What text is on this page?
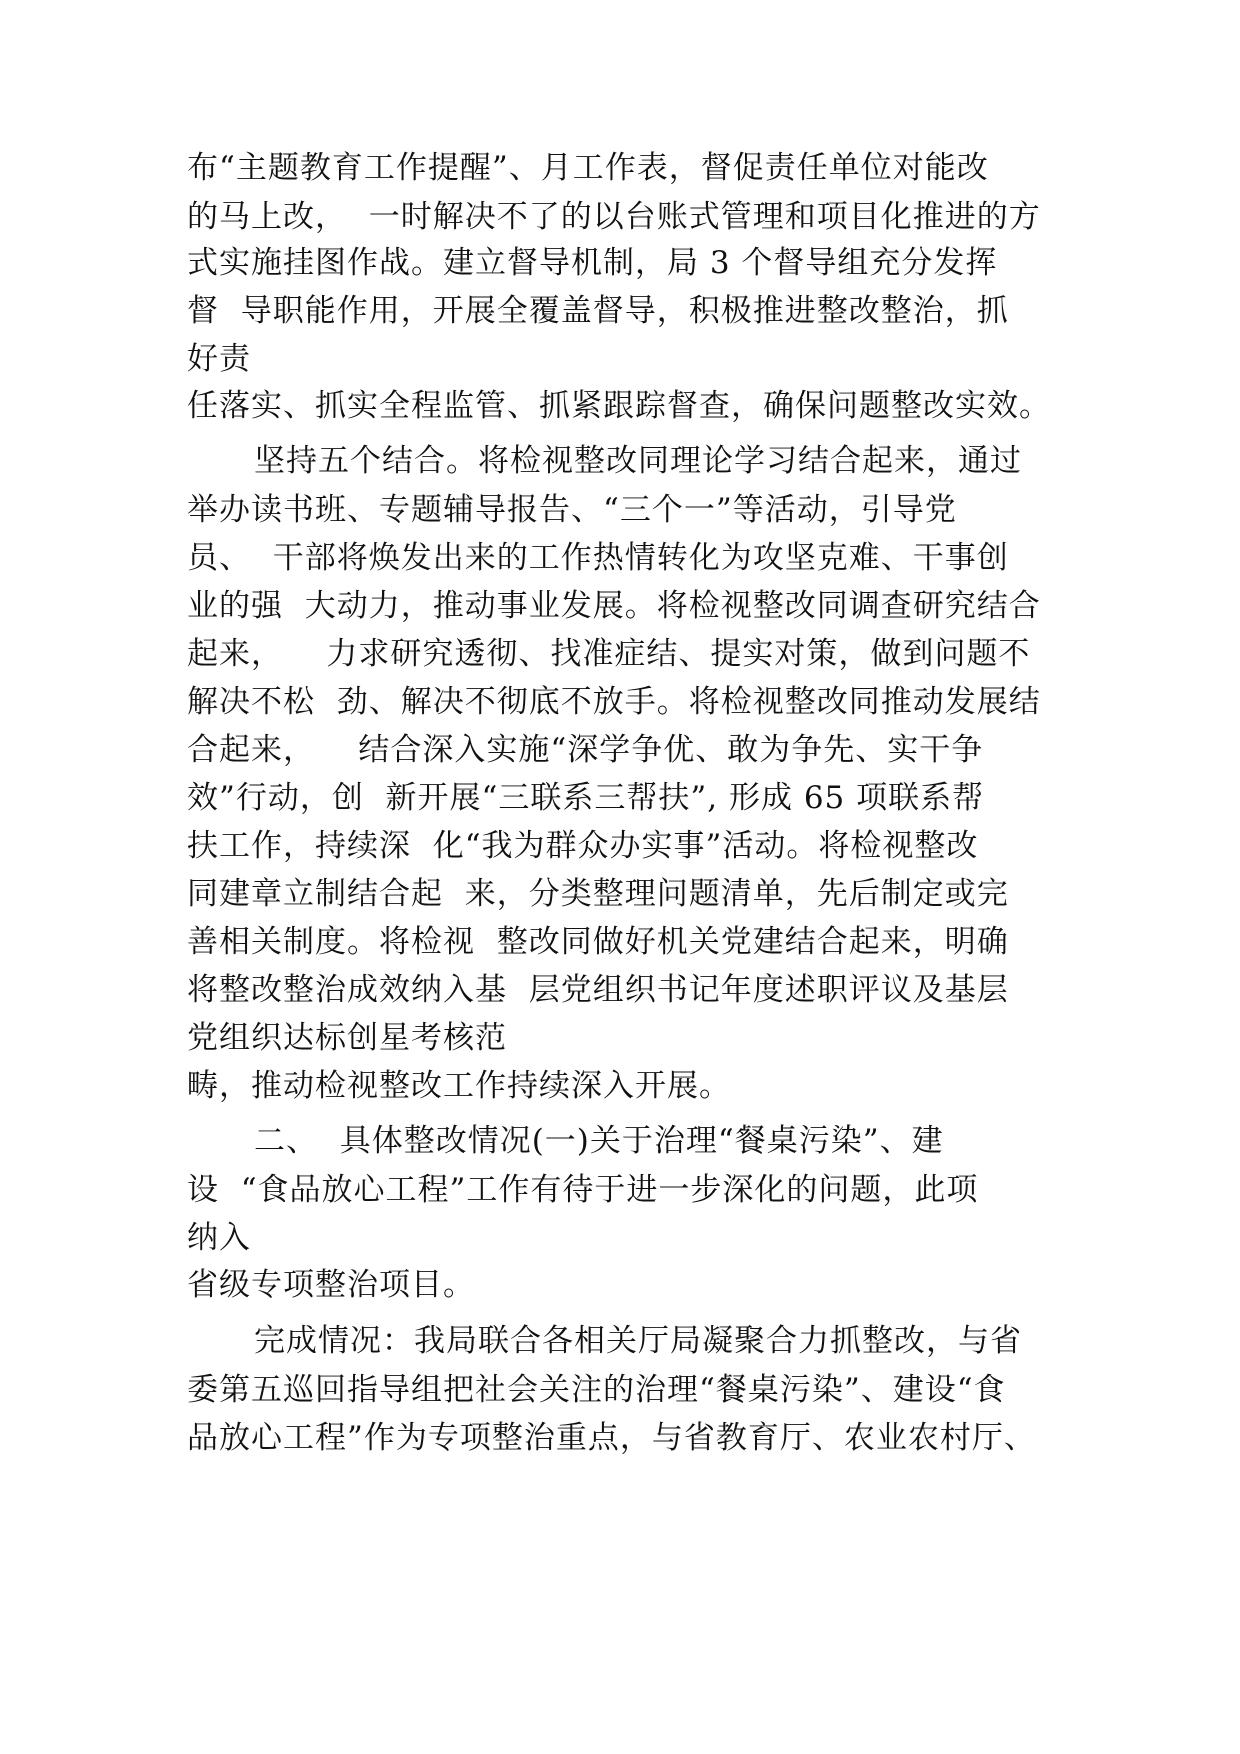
布“主题教育工作提醒”、月工作表，督促责任单位对能改

的马上改，  一时解决不了的以台账式管理和项目化推进的方

式实施挂图作战。建立督导机制，局 3 个督导组充分发挥

督  导职能作用，开展全覆盖督导，积极推进整改整治，抓

好责

任落实、抓实全程监管、抓紧跟踪督查，确保问题整改实效。

坚持五个结合。将检视整改同理论学习结合起来，通过

举办读书班、专题辅导报告、“三个一”等活动，引导党

员、  干部将焕发出来的工作热情转化为攻坚克难、干事创

业的强  大动力，推动事业发展。将检视整改同调查研究结合

起来，    力求研究透彻、找准症结、提实对策，做到问题不

解决不松  劲、解决不彻底不放手。将检视整改同推动发展结

合起来，    结合深入实施“深学争优、敢为争先、实干争

效”行动，创  新开展“三联系三帮扶”, 形成 65 项联系帮

扶工作，持续深  化“我为群众办实事”活动。将检视整改

同建章立制结合起  来，分类整理问题清单，先后制定或完

善相关制度。将检视  整改同做好机关党建结合起来，明确

将整改整治成效纳入基  层党组织书记年度述职评议及基层

党组织达标创星考核范

畴，推动检视整改工作持续深入开展。

二、  具体整改情况(一)关于治理“餐桌污染”、建

设  “食品放心工程”工作有待于进一步深化的问题，此项

纳入

省级专项整治项目。

完成情况：我局联合各相关厅局凝聚合力抓整改，与省

委第五巡回指导组把社会关注的治理“餐桌污染”、建设“食

品放心工程”作为专项整治重点，与省教育厅、农业农村厅、
